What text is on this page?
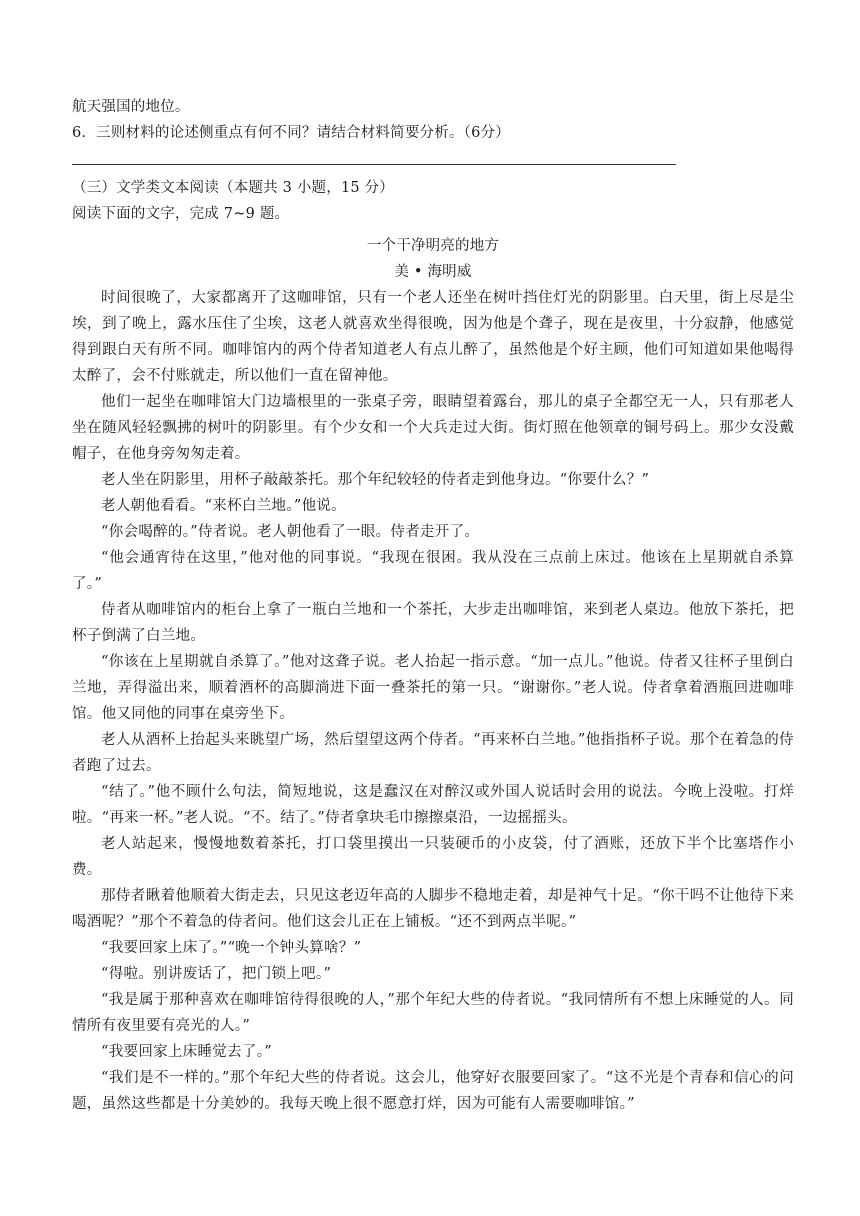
航天强国的地位。
6．三则材料的论述侧重点有何不同？请结合材料简要分析。（6分）
（三）文学类文本阅读（本题共 3 小题，15 分）
阅读下面的文字，完成 7~9 题。
一个干净明亮的地方
美 • 海明威

时间很晚了，大家都离开了这咖啡馆，只有一个老人还坐在树叶挡住灯光的阴影里。白天里，街上尽是尘埃，到了晚上，露水压住了尘埃，这老人就喜欢坐得很晚，因为他是个聋子，现在是夜里，十分寂静，他感觉得到跟白天有所不同。咖啡馆内的两个侍者知道老人有点儿醉了，虽然他是个好主顾，他们可知道如果他喝得太醉了，会不付账就走，所以他们一直在留神他。

他们一起坐在咖啡馆大门边墙根里的一张桌子旁，眼睛望着露台，那儿的桌子全都空无一人，只有那老人坐在随风轻轻飘拂的树叶的阴影里。有个少女和一个大兵走过大街。街灯照在他领章的铜号码上。那少女没戴帽子，在他身旁匆匆走着。

老人坐在阴影里，用杯子敲敲茶托。那个年纪较轻的侍者走到他身边。“你要什么？”

老人朝他看看。“来杯白兰地。”他说。

“你会喝醉的。”侍者说。老人朝他看了一眼。侍者走开了。

“他会通宵待在这里，”他对他的同事说。“我现在很困。我从没在三点前上床过。他该在上星期就自杀算了。”

侍者从咖啡馆内的柜台上拿了一瓶白兰地和一个茶托，大步走出咖啡馆，来到老人桌边。他放下茶托，把杯子倒满了白兰地。

“你该在上星期就自杀算了。”他对这聋子说。老人抬起一指示意。“加一点儿。”他说。侍者又往杯子里倒白兰地，弄得溢出来，顺着酒杯的高脚淌进下面一叠茶托的第一只。“谢谢你。”老人说。侍者拿着酒瓶回进咖啡馆。他又同他的同事在桌旁坐下。

老人从酒杯上抬起头来眺望广场，然后望望这两个侍者。“再来杯白兰地。”他指指杯子说。那个在着急的侍者跑了过去。

“结了。”他不顾什么句法，简短地说，这是蠢汉在对醉汉或外国人说话时会用的说法。今晚上没啦。打烊啦。“再来一杯。”老人说。“不。结了。”侍者拿块毛巾擦擦桌沿，一边摇摇头。

老人站起来，慢慢地数着茶托，打口袋里摸出一只装硬币的小皮袋，付了酒账，还放下半个比塞塔作小费。

那侍者瞅着他顺着大街走去，只见这老迈年高的人脚步不稳地走着，却是神气十足。“你干吗不让他待下来喝酒呢？”那个不着急的侍者问。他们这会儿正在上铺板。“还不到两点半呢。”

“我要回家上床了。”“晚一个钟头算啥？”

“得啦。别讲废话了，把门锁上吧。”

“我是属于那种喜欢在咖啡馆待得很晚的人，”那个年纪大些的侍者说。“我同情所有不想上床睡觉的人。同情所有夜里要有亮光的人。”

“我要回家上床睡觉去了。”

“我们是不一样的。”那个年纪大些的侍者说。这会儿，他穿好衣服要回家了。“这不光是个青春和信心的问题，虽然这些都是十分美妙的。我每天晚上很不愿意打烊，因为可能有人需要咖啡馆。”
